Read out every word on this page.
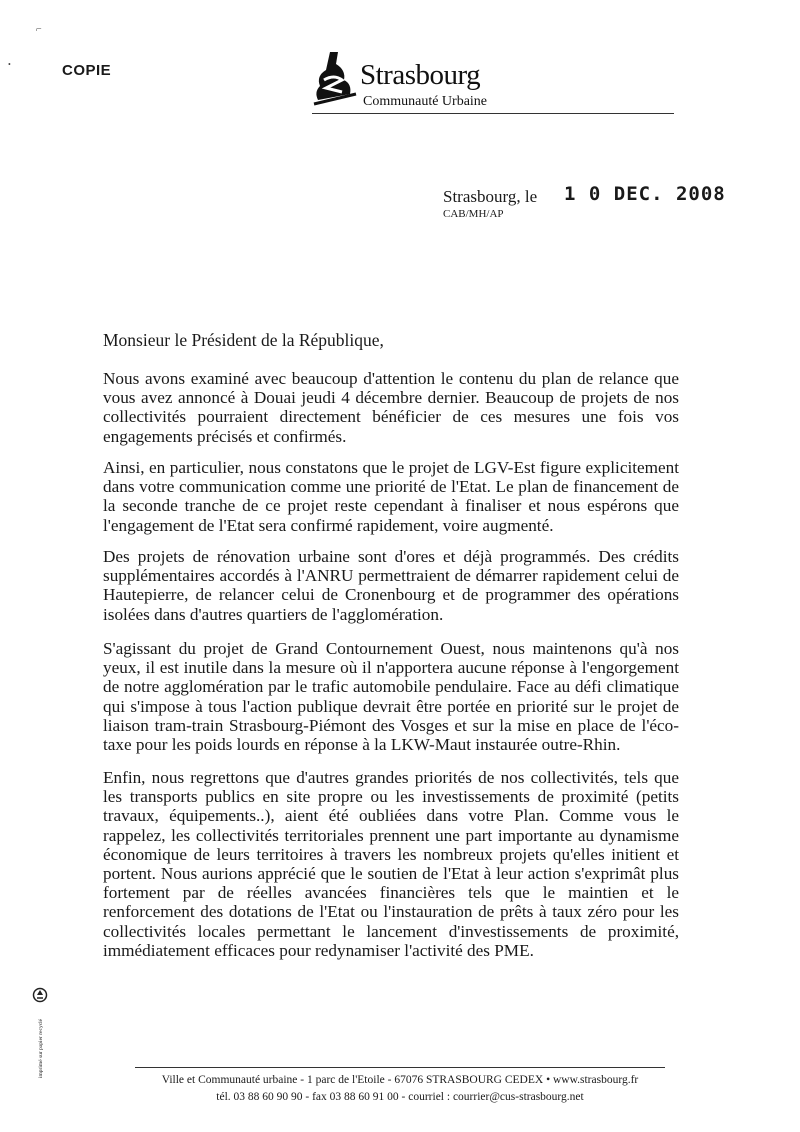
⌐
•	COPIE	Strasbourg
Communauté Urbaine
Strasbourg, le 1 0 DEC. 2008
CAB/MH/AP
Monsieur le Président de la République,
Nous avons examiné avec beaucoup d'attention le contenu du plan de relance que vous avez annoncé à Douai jeudi 4 décembre dernier. Beaucoup de projets de nos collectivités pourraient directement bénéficier de ces mesures une fois vos engagements précisés et confirmés.
Ainsi, en particulier, nous constatons que le projet de LGV-Est figure explicitement dans votre communication comme une priorité de l'Etat. Le plan de financement de la seconde tranche de ce projet reste cependant à finaliser et nous espérons que l'engagement de l'Etat sera confirmé rapidement, voire augmenté.
Des projets de rénovation urbaine sont d'ores et déjà programmés. Des crédits supplémentaires accordés à l'ANRU permettraient de démarrer rapidement celui de Hautepierre, de relancer celui de Cronenbourg et de programmer des opérations isolées dans d'autres quartiers de l'agglomération.
S'agissant du projet de Grand Contournement Ouest, nous maintenons qu'à nos yeux, il est inutile dans la mesure où il n'apportera aucune réponse à l'engorgement de notre agglomération par le trafic automobile pendulaire. Face au défi climatique qui s'impose à tous l'action publique devrait être portée en priorité sur le projet de liaison tram-train Strasbourg-Piémont des Vosges et sur la mise en place de l'éco-taxe pour les poids lourds en réponse à la LKW-Maut instaurée outre-Rhin.
Enfin, nous regrettons que d'autres grandes priorités de nos collectivités, tels que les transports publics en site propre ou les investissements de proximité (petits travaux, équipements..), aient été oubliées dans votre Plan. Comme vous le rappelez, les collectivités territoriales prennent une part importante au dynamisme économique de leurs territoires à travers les nombreux projets qu'elles initient et portent. Nous aurions apprécié que le soutien de l'Etat à leur action s'exprimât plus fortement par de réelles avancées financières tels que le maintien et le renforcement des dotations de l'Etat ou l'instauration de prêts à taux zéro pour les collectivités locales permettant le lancement d'investissements de proximité, immédiatement efficaces pour redynamiser l'activité des PME.
imprimé sur papier recyclé
Ville et Communauté urbaine - 1 parc de l'Etoile - 67076 STRASBOURG CEDEX • www.strasbourg.fr
tél. 03 88 60 90 90 - fax 03 88 60 91 00 - courriel : courrier@cus-strasbourg.net
